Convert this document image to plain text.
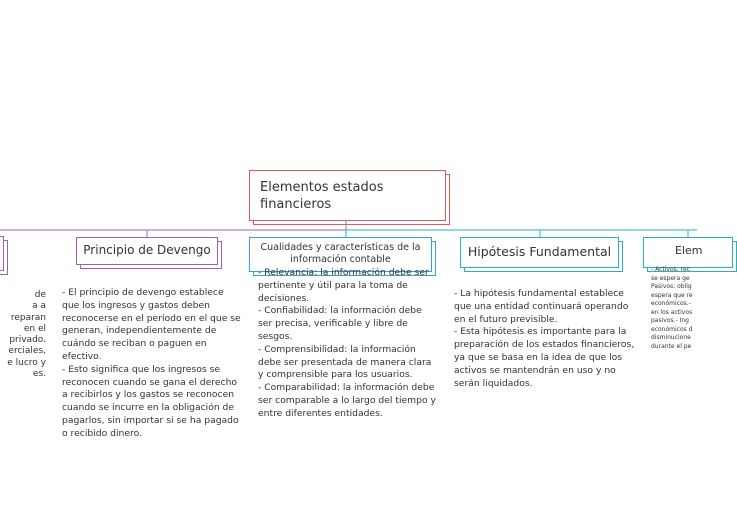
Elementos estados
financieros
Principio de Devengo	Cualidades y características de la información contable
Hipótesis Fundamental	Elem
de
a a
reparan
en el
privado.
erciales,
e lucro y
es.
- El principio de devengo establece que los ingresos y gastos deben reconocerse en el período en el que se generan, independientemente de cuándo se reciban o paguen en efectivo.
- Esto significa que los ingresos se reconocen cuando se gana el derecho a recibirlos y los gastos se reconocen cuando se incurre en la obligación de pagarlos, sin importar si se ha pagado o recibido dinero.
- Relevancia: la información debe ser pertinente y útil para la toma de decisiones.
- Confiabilidad: la información debe ser precisa, verificable y libre de sesgos.
- Comprensibilidad: la información debe ser presentada de manera clara y comprensible para los usuarios.
- Comparabilidad: la información debe ser comparable a lo largo del tiempo y entre diferentes entidades.
- La hipótesis fundamental establece que una entidad continuará operando en el futuro previsible.
- Esta hipótesis es importante para la preparación de los estados financieros, ya que se basa en la idea de que los activos se mantendrán en uso y no serán liquidados.
- Activos: rec
se espera ge
Pasivos: oblig
espera que re
económicos.-
en los activos
pasivos.- Ing
económicos d
disminucione
durante el pe
